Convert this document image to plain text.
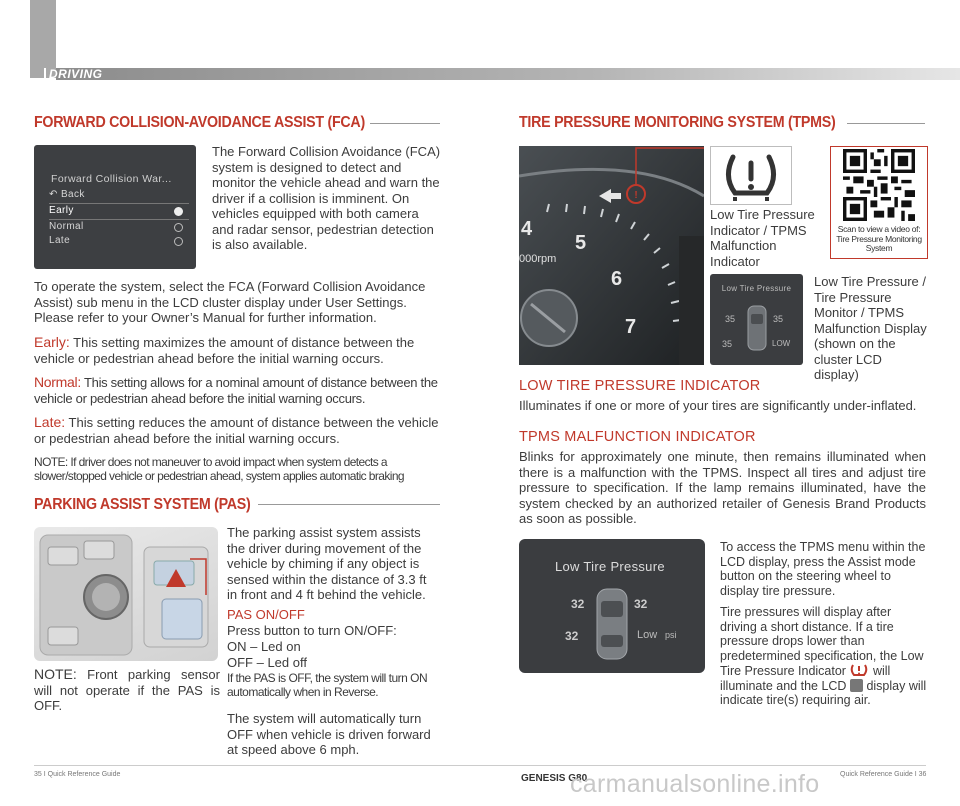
DRIVING
FORWARD COLLISION-AVOIDANCE ASSIST (FCA)
Forward Collision War...
↶ Back
Early
Normal
Late
The Forward Collision Avoidance (FCA) system is designed to detect and monitor the vehicle ahead and warn the driver if a collision is imminent. On vehicles equipped with both camera and radar sensor, pedestrian detection is also available.
To operate the system, select the FCA (Forward Collision Avoidance Assist) sub menu in the LCD cluster display under User Settings. Please refer to your Owner’s Manual for further information.
Early: This setting maximizes the amount of distance between the vehicle or pedestrian ahead before the initial warning occurs.
Normal: This setting allows for a nominal amount of distance between the vehicle or pedestrian ahead before the initial warning occurs.
Late: This setting reduces the amount of distance between the vehicle or pedestrian ahead before the initial warning occurs.
NOTE: If driver does not maneuver to avoid impact when system detects a slower/stopped vehicle or pedestrian ahead, system applies automatic braking
PARKING ASSIST SYSTEM (PAS)
The parking assist system assists the driver during movement of the vehicle by chiming if any object is sensed within the distance of 3.3 ft in front and 4 ft behind the vehicle.
PAS ON/OFF
Press button to turn ON/OFF:
ON – Led on
OFF – Led off
If the PAS is OFF, the system will turn ON automatically when in Reverse.
The system will automatically turn OFF when vehicle is driven forward at speed above 6 mph.
NOTE: Front parking sensor will not operate if the PAS is OFF.
TIRE PRESSURE MONITORING SYSTEM (TPMS)
!
4
5
6
7
000rpm
Low Tire Pressure Indicator / TPMS Malfunction Indicator
Scan to view a video of: Tire Pressure Monitoring System
Low Tire Pressure
35	35
35	LOW
Low Tire Pressure / Tire Pressure Monitor / TPMS Malfunction Display (shown on the cluster LCD display)
LOW TIRE PRESSURE INDICATOR
Illuminates if one or more of your tires are significantly under-inflated.
TPMS MALFUNCTION INDICATOR
Blinks for approximately one minute, then remains illuminated when there is a malfunction with the TPMS. Inspect all tires and adjust tire pressure to specification. If the lamp remains illuminated, have the system checked by an authorized retailer of Genesis Brand Products as soon as possible.
Low Tire Pressure
32	32
32	Low psi
To access the TPMS menu within the LCD display, press the Assist mode button on the steering wheel to display tire pressure.
Tire pressures will display after driving a short distance. If a tire pressure drops lower than predetermined specification, the Low Tire Pressure Indicator  will illuminate and the LCD  display will indicate tire(s) requiring air.
35 I Quick Reference Guide	GENESIS G80	Quick Reference Guide I 36
carmanualsonline.info
